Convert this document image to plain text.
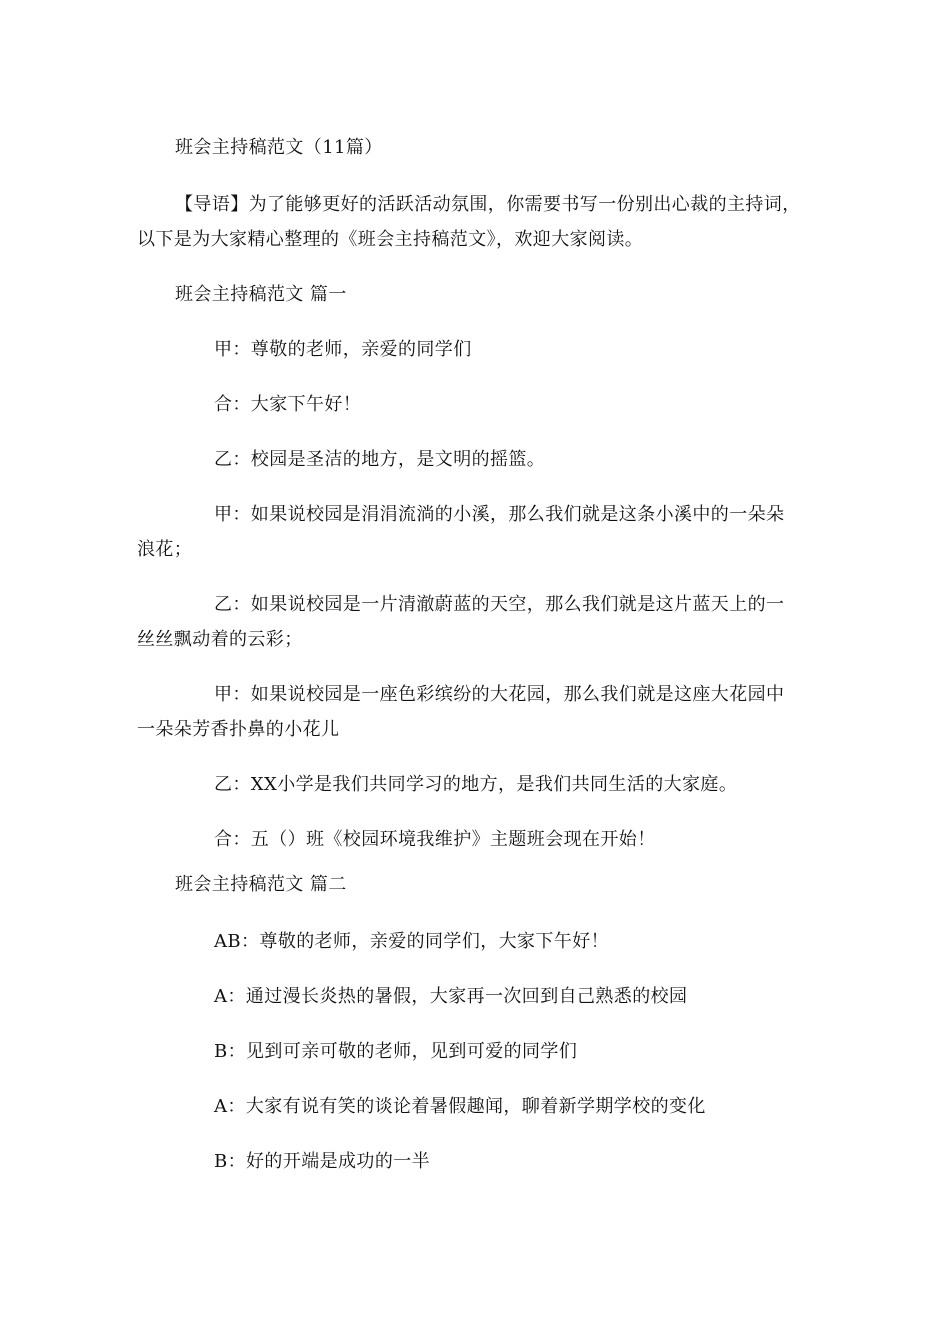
班会主持稿范文（11篇）
【导语】为了能够更好的活跃活动氛围，你需要书写一份别出心裁的主持词，
以下是为大家精心整理的《班会主持稿范文》，欢迎大家阅读。
班会主持稿范文 篇一
甲：尊敬的老师，亲爱的同学们
合：大家下午好！
乙：校园是圣洁的地方，是文明的摇篮。
甲：如果说校园是涓涓流淌的小溪，那么我们就是这条小溪中的一朵朵
浪花；
乙：如果说校园是一片清澈蔚蓝的天空，那么我们就是这片蓝天上的一
丝丝飘动着的云彩；
甲：如果说校园是一座色彩缤纷的大花园，那么我们就是这座大花园中
一朵朵芳香扑鼻的小花儿
乙：XX小学是我们共同学习的地方，是我们共同生活的大家庭。
合：五（）班《校园环境我维护》主题班会现在开始！
班会主持稿范文 篇二
AB：尊敬的老师，亲爱的同学们，大家下午好！
A：通过漫长炎热的暑假，大家再一次回到自己熟悉的校园
B：见到可亲可敬的老师，见到可爱的同学们
A：大家有说有笑的谈论着暑假趣闻，聊着新学期学校的变化
B：好的开端是成功的一半
